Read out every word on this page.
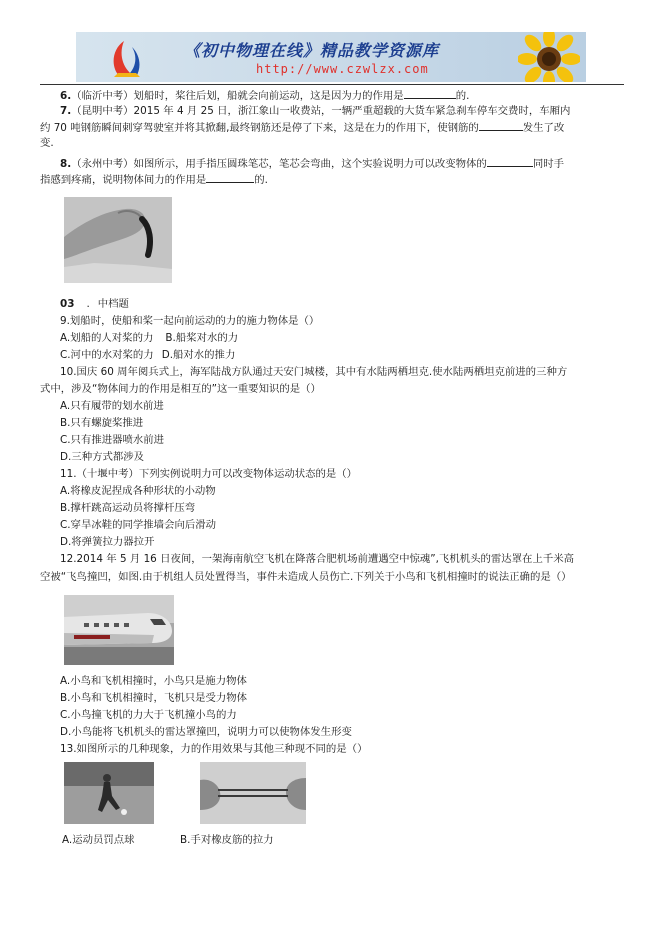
《初中物理在线》精品教学资源库
http://www.czwlzx.com
6.（临沂中考）划船时，桨往后划，船就会向前运动，这是因为力的作用是	的.
7.（昆明中考）2015 年 4 月 25 日，浙江象山一收费站，一辆严重超载的大货车紧急刹车停车交费时，车厢内
约 70 吨钢筋瞬间刺穿驾驶室并将其掀翻,最终钢筋还是停了下来，这是在力的作用下，使钢筋的	发生了改
变.
8.（永州中考）如图所示，用手指压圆珠笔芯，笔芯会弯曲，这个实验说明力可以改变物体的	同时手
指感到疼痛，说明物体间力的作用是	的.
03 . 中档题
9.划船时，使船和桨一起向前运动的力的施力物体是（）
A.划船的人对桨的力 B.船桨对水的力
C.河中的水对桨的力 D.船对水的推力
10.国庆 60 周年阅兵式上，海军陆战方队通过天安门城楼，其中有水陆两栖坦克.使水陆两栖坦克前进的三种方
式中，涉及“物体间力的作用是相互的”这一重要知识的是（）
A.只有履带的划水前进
B.只有螺旋桨推进
C.只有推进器喷水前进
D.三种方式都涉及
11.（十堰中考）下列实例说明力可以改变物体运动状态的是（）
A.将橡皮泥捏成各种形状的小动物
B.撑杆跳高运动员将撑杆压弯
C.穿旱冰鞋的同学推墙会向后滑动
D.将弹簧拉力器拉开
12.2014 年 5 月 16 日夜间，一架海南航空飞机在降落合肥机场前遭遇空中惊魂”,飞机机头的雷达罩在上千米高
空被“飞鸟撞凹，如图.由于机组人员处置得当，事件未造成人员伤亡.下列关于小鸟和飞机相撞时的说法正确的是（）
A.小鸟和飞机相撞时，小鸟只是施力物体
B.小鸟和飞机相撞时，飞机只是受力物体
C.小鸟撞飞机的力大于飞机撞小鸟的力
D.小鸟能将飞机机头的雷达罩撞凹，说明力可以使物体发生形变
13.如图所示的几种现象，力的作用效果与其他三种现不同的是（）
A.运动员罚点球	B.手对橡皮筋的拉力
